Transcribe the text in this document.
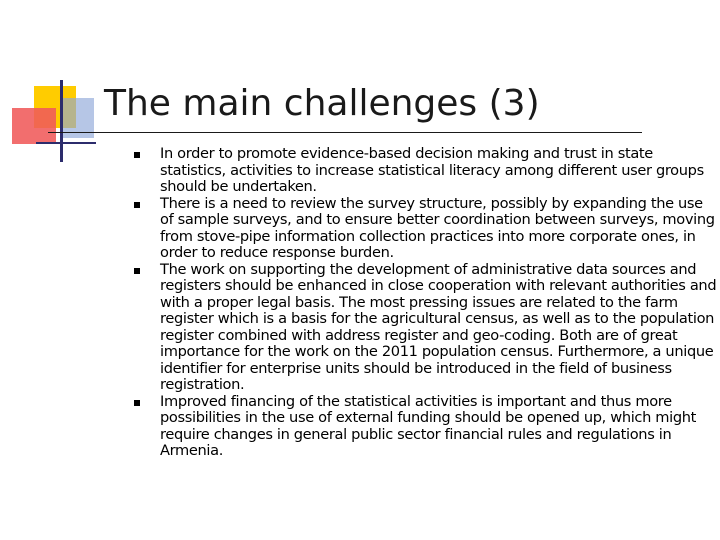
The main challenges (3)
In order to promote evidence-based decision making and trust in state statistics, activities to increase statistical literacy among different user groups should be undertaken.
There is a need to review the survey structure, possibly by expanding the use of sample surveys, and to ensure better coordination between surveys, moving from stove-pipe information collection practices into more corporate ones, in order to reduce response burden.
The work on supporting the development of administrative data sources and registers should be enhanced in close cooperation with relevant authorities and with a proper legal basis. The most pressing issues are related to the farm register which is a basis for the agricultural census, as well as to the population register combined with address register and geo-coding. Both are of great importance for the work on the 2011 population census. Furthermore, a unique identifier for enterprise units should be introduced in the field of business registration.
Improved financing of the statistical activities is important and thus more possibilities in the use of external funding should be opened up, which might require changes in general public sector financial rules and regulations in Armenia.
